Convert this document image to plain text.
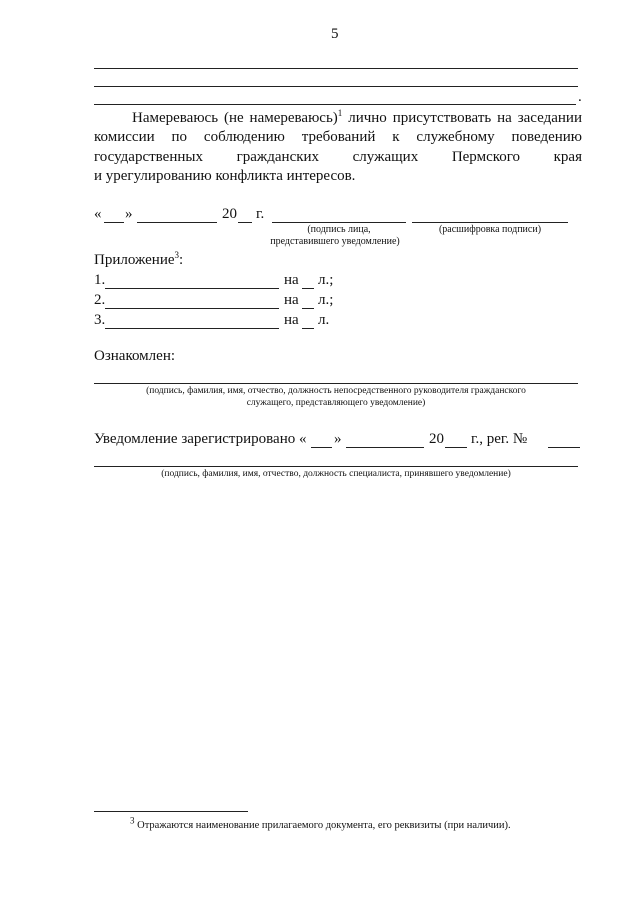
5
.
Намереваюсь (не намереваюсь)$^1$ лично присутствовать на заседании
комиссии по соблюдению требований к служебному поведению
государственных гражданских служащих Пермского края
и урегулированию конфликта интересов.
« »	20 г.
(подпись лица,
представившего уведомление)
(расшифровка подписи)
Приложение$^3$:
1.	на л.;
2.	на л.;
3.	на л.
Ознакомлен:
(подпись, фамилия, имя, отчество, должность непосредственного руководителя гражданского
служащего, представляющего уведомление)
Уведомление зарегистрировано « »	20 г., рег. №
(подпись, фамилия, имя, отчество, должность специалиста, принявшего уведомление)
$^3$ Отражаются наименование прилагаемого документа, его реквизиты (при наличии).
